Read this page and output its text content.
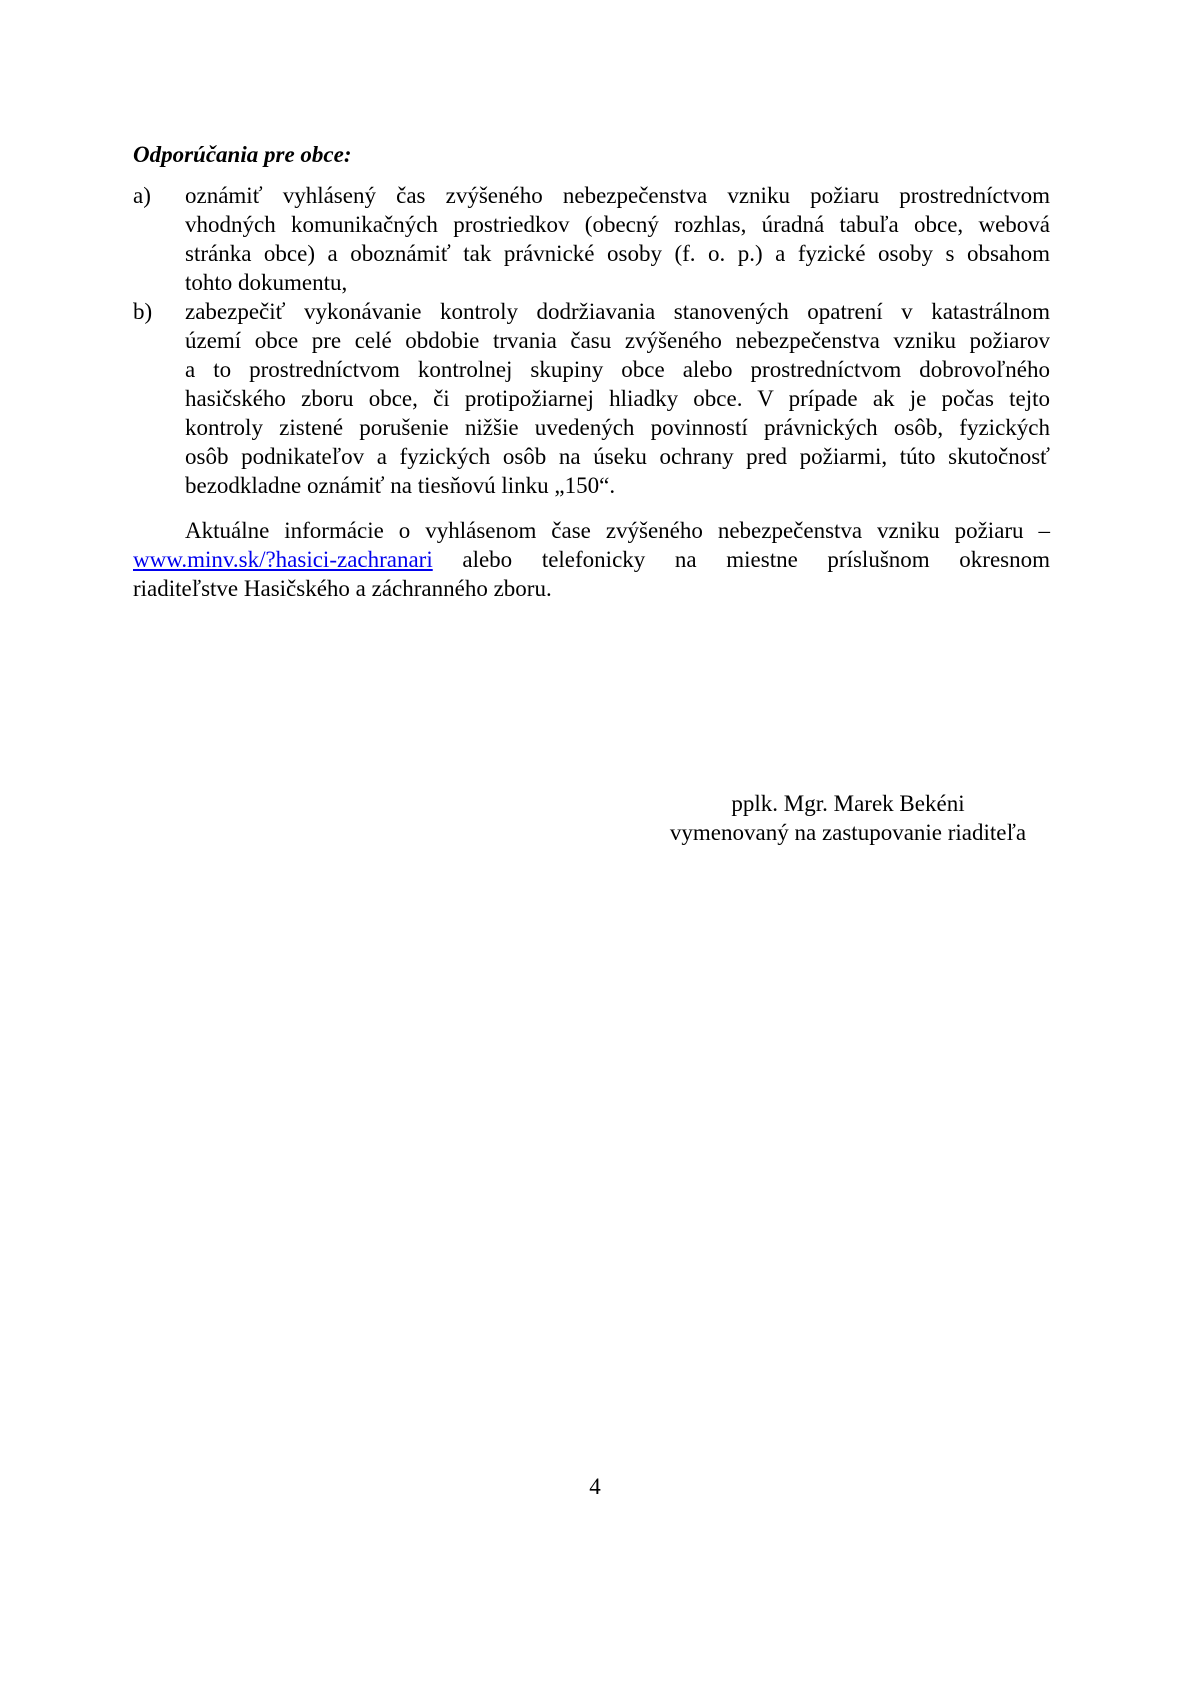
Odporúčania pre obce:
a) oznámiť vyhlásený čas zvýšeného nebezpečenstva vzniku požiaru prostredníctvom
vhodných komunikačných prostriedkov (obecný rozhlas, úradná tabuľa obce, webová
stránka obce) a oboznámiť tak právnické osoby (f. o. p.) a fyzické osoby s obsahom
tohto dokumentu,
b) zabezpečiť vykonávanie kontroly dodržiavania stanovených opatrení v katastrálnom
území obce pre celé obdobie trvania času zvýšeného nebezpečenstva vzniku požiarov
a to prostredníctvom kontrolnej skupiny obce alebo prostredníctvom dobrovoľného
hasičského zboru obce, či protipožiarnej hliadky obce. V prípade ak je počas tejto
kontroly zistené porušenie nižšie uvedených povinností právnických osôb, fyzických
osôb podnikateľov a fyzických osôb na úseku ochrany pred požiarmi, túto skutočnosť
bezodkladne oznámiť na tiesňovú linku „150“.
Aktuálne informácie o vyhlásenom čase zvýšeného nebezpečenstva vzniku požiaru –
www.minv.sk/?hasici-zachranari alebo telefonicky na miestne príslušnom okresnom
riaditeľstve Hasičského a záchranného zboru.
pplk. Mgr. Marek Bekéni
vymenovaný na zastupovanie riaditeľa
4
